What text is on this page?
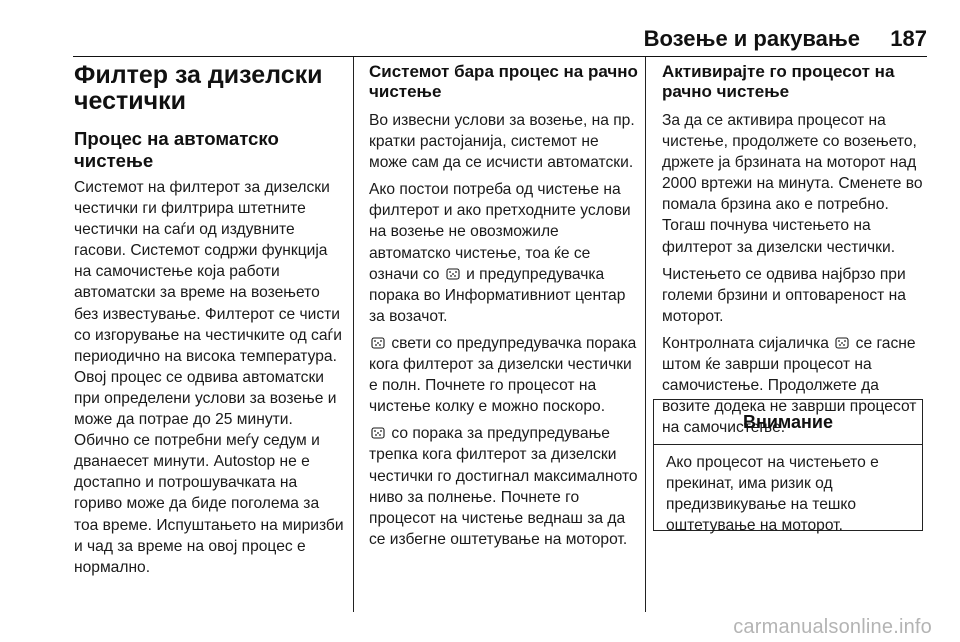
Возење и ракување 187
Филтер за дизелски честички
Процес на автоматско чистење

Системот на филтерот за дизелски честички ги филтрира штетните честички на саѓи од издувните гасови. Системот содржи функција на самочистење која работи автоматски за време на возењето без известување. Филтерот се чисти со изгорување на честичките од саѓи периодично на висока температура. Овој процес се одвива автоматски при определени услови за возење и може да потрае до 25 минути. Обично се потребни меѓу седум и дванаесет минути. Autostop не е достапно и потрошувачката на гориво може да биде поголема за тоа време. Испуштањето на миризби и чад за време на овој процес е нормално.

Системот бара процес на рачно чистење

Во извесни услови за возење, на пр. кратки растојанија, системот не може сам да се исчисти автоматски.

Ако постои потреба од чистење на филтерот и ако претходните услови на возење не овозможиле автоматско чистење, тоа ќе се означи со и предупредувачка порака во Информативниот центар за возачот.

свети со предупредувачка порака кога филтерот за дизелски честички е полн. Почнете го процесот на чистење колку е можно поскоро.

со порака за предупредување трепка кога филтерот за дизелски честички го достигнал максималното ниво за полнење. Почнете го процесот на чистење веднаш за да се избегне оштетување на моторот.

Активирајте го процесот на рачно чистење

За да се активира процесот на чистење, продолжете со возењето, држете ја брзината на моторот над 2000 вртежи на минута. Сменете во помала брзина ако е потребно. Тогаш почнува чистењето на филтерот за дизелски честички.

Чистењето се одвива најбрзо при големи брзини и оптовареност на моторот.

Контролната сијаличка се гасне штом ќе заврши процесот на самочистење. Продолжете да возите додека не заврши процесот на самочистење.

Внимание
Ако процесот на чистењето е прекинат, има ризик од предизвикување на тешко оштетување на моторот.
carmanualsonline.info
